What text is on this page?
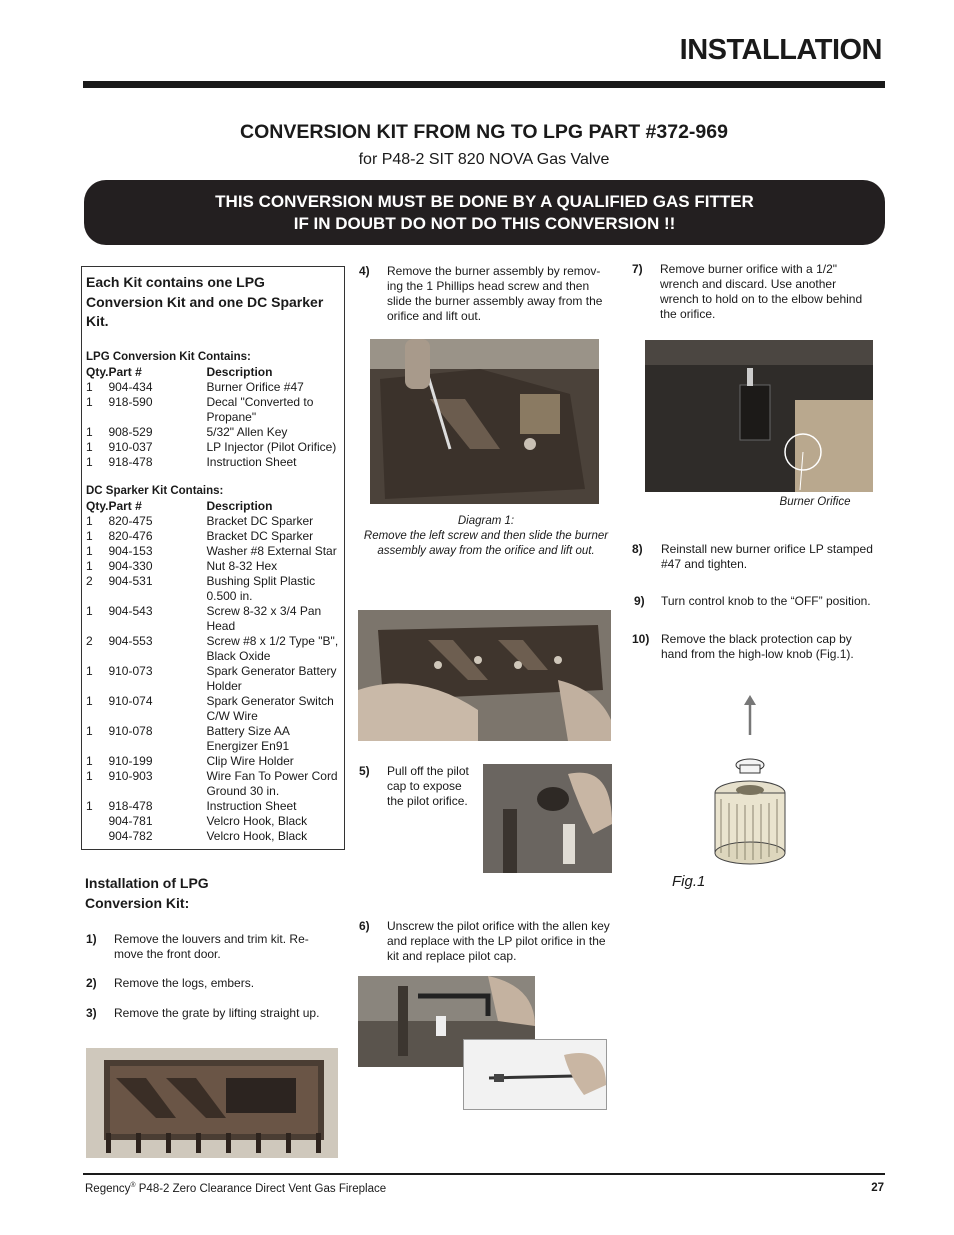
INSTALLATION
CONVERSION KIT FROM NG TO LPG PART #372-969
for P48-2 SIT 820 NOVA Gas Valve
THIS CONVERSION MUST BE DONE BY A QUALIFIED GAS FITTER
IF IN DOUBT DO NOT DO THIS CONVERSION !!
Each Kit contains one LPG Conversion Kit and one DC Sparker Kit.
LPG Conversion Kit Contains:
Qty.	Part #	Description
1	904-434	Burner Orifice #47
1	918-590	Decal "Converted to Propane"
1	908-529	5/32" Allen Key
1	910-037	LP Injector (Pilot Orifice)
1	918-478	Instruction Sheet
DC Sparker Kit Contains:
Qty.	Part #	Description
1	820-475	Bracket DC Sparker
1	820-476	Bracket DC Sparker
1	904-153	Washer #8 External Star
1	904-330	Nut 8-32 Hex
2	904-531	Bushing Split Plastic 0.500 in.
1	904-543	Screw 8-32 x 3/4 Pan Head
2	904-553	Screw #8 x 1/2 Type "B", Black Oxide
1	910-073	Spark Generator Battery Holder
1	910-074	Spark Generator Switch C/W Wire
1	910-078	Battery Size AA Energizer En91
1	910-199	Clip Wire Holder
1	910-903	Wire Fan To Power Cord Ground 30 in.
1	918-478	Instruction Sheet
	904-781	Velcro Hook, Black
	904-782	Velcro Hook, Black
Installation of LPG Conversion Kit:
1) Remove the louvers and trim kit. Re-move the front door.
2) Remove the logs, embers.
3) Remove the grate by lifting straight up.
4) Remove the burner assembly by remov-ing the 1 Phillips head screw and then slide the burner assembly away from the orifice and lift out.
Diagram 1:
Remove the left screw and then slide the burner assembly away from the orifice and lift out.
5) Pull off the pilot cap to expose the pilot orifice.
6) Unscrew the pilot orifice with the allen key and replace with the LP pilot orifice in the kit and replace pilot cap.
7) Remove burner orifice with a 1/2" wrench and discard. Use another wrench to hold on to the elbow behind the orifice.
Burner Orifice
8) Reinstall new burner orifice LP stamped #47 and tighten.
9) Turn control knob to the “OFF” position.
10) Remove the black protection cap by hand from the high-low knob (Fig.1).
Fig.1
Regency® P48-2 Zero Clearance Direct Vent Gas Fireplace	27
